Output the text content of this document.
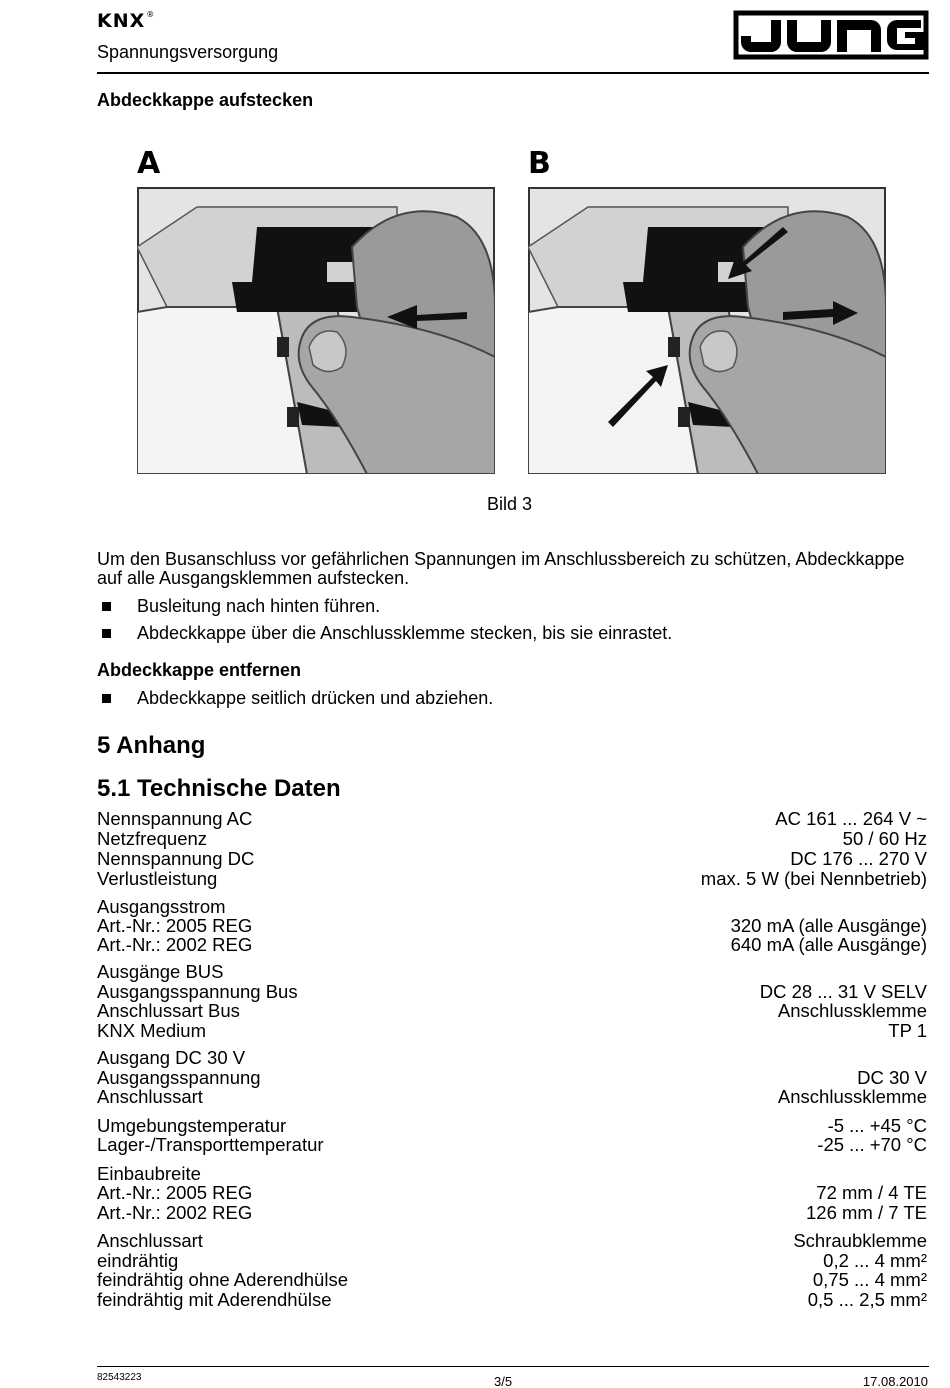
KNX®
Spannungsversorgung
Abdeckkappe aufstecken
A	B
Bild 3
Um den Busanschluss vor gefährlichen Spannungen im Anschlussbereich zu schützen, Abdeckkappe auf alle Ausgangsklemmen aufstecken.
Busleitung nach hinten führen.
Abdeckkappe über die Anschlussklemme stecken, bis sie einrastet.
Abdeckkappe entfernen
Abdeckkappe seitlich drücken und abziehen.
5 Anhang
5.1 Technische Daten
Nennspannung AC	AC 161 ... 264 V ~
Netzfrequenz	50 / 60 Hz
Nennspannung DC	DC 176 ... 270 V
Verlustleistung	max. 5 W (bei Nennbetrieb)
Ausgangsstrom
Art.-Nr.: 2005 REG	320 mA (alle Ausgänge)
Art.-Nr.: 2002 REG	640 mA (alle Ausgänge)
Ausgänge BUS
Ausgangsspannung Bus	DC 28 ... 31 V SELV
Anschlussart Bus	Anschlussklemme
KNX Medium	TP 1
Ausgang DC 30 V
Ausgangsspannung	DC 30 V
Anschlussart	Anschlussklemme
Umgebungstemperatur	-5 ... +45 °C
Lager-/Transporttemperatur	-25 ... +70 °C
Einbaubreite
Art.-Nr.: 2005 REG	72 mm / 4 TE
Art.-Nr.: 2002 REG	126 mm / 7 TE
Anschlussart	Schraubklemme
eindrähtig	0,2 ... 4 mm²
feindrähtig ohne Aderendhülse	0,75 ... 4 mm²
feindrähtig mit Aderendhülse	0,5 ... 2,5 mm²
82543223	3/5	17.08.2010
